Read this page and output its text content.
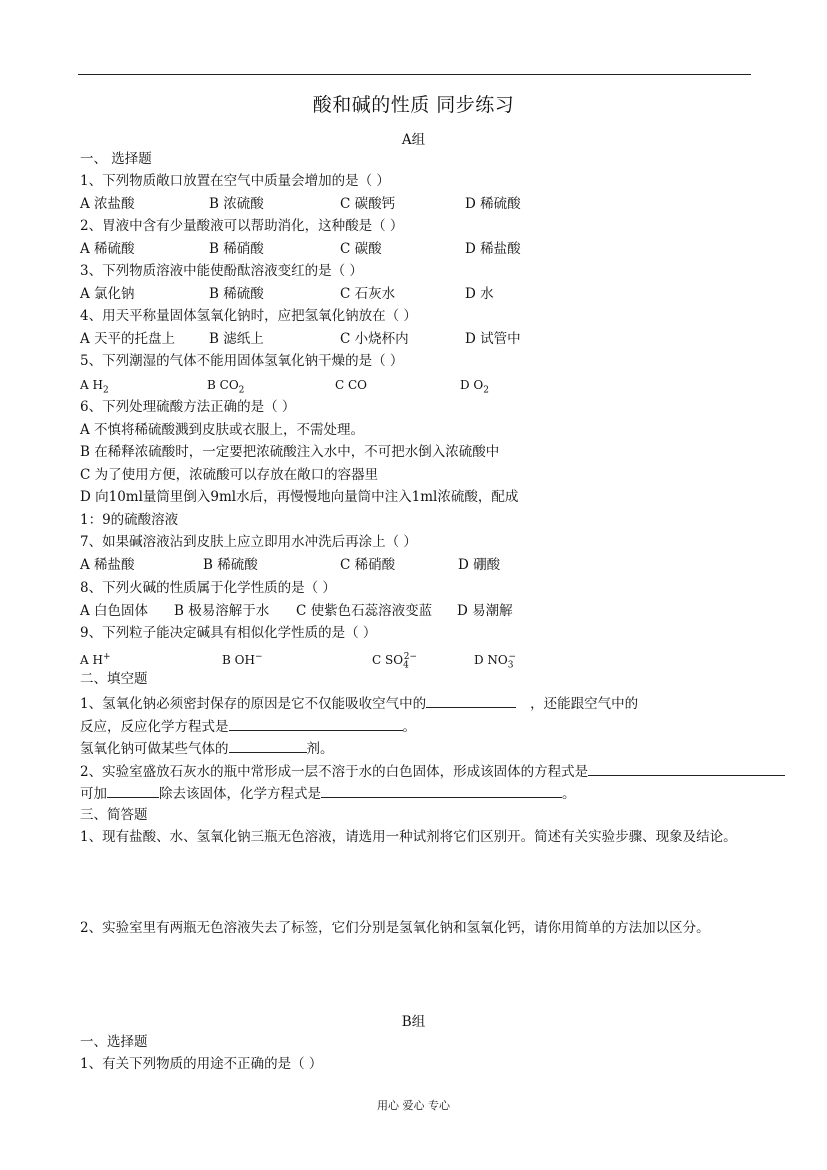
酸和碱的性质 同步练习
A组
一、 选择题
1、下列物质敞口放置在空气中质量会增加的是（ ）
A 浓盐酸	B 浓硫酸	C 碳酸钙	D 稀硫酸
2、胃液中含有少量酸液可以帮助消化，这种酸是（ ）
A 稀硫酸	B 稀硝酸	C 碳酸	D 稀盐酸
3、下列物质溶液中能使酚酞溶液变红的是（ ）
A 氯化钠	B 稀硫酸	C 石灰水	D 水
4、用天平称量固体氢氧化钠时，应把氢氧化钠放在（ ）
A 天平的托盘上	B 滤纸上	C 小烧杯内	D 试管中
5、下列潮湿的气体不能用固体氢氧化钠干燥的是（ ）
A $H_2$	B $CO_2$	C CO	D $O_2$
6、下列处理硫酸方法正确的是（ ）
A 不慎将稀硫酸溅到皮肤或衣服上，不需处理。
B 在稀释浓硫酸时，一定要把浓硫酸注入水中，不可把水倒入浓硫酸中
C 为了使用方便，浓硫酸可以存放在敞口的容器里
D 向10ml量筒里倒入9ml水后，再慢慢地向量筒中注入1ml浓硫酸，配成
1：9的硫酸溶液
7、如果碱溶液沾到皮肤上应立即用水冲洗后再涂上（ ）
A 稀盐酸	B 稀硫酸	C 稀硝酸	D 硼酸
8、下列火碱的性质属于化学性质的是（ ）
A 白色固体 B 极易溶解于水 C 使紫色石蕊溶液变蓝 D 易潮解
9、下列粒子能决定碱具有相似化学性质的是（ ）
A H+	B OH−	C $SO_4^{2-}$	D $NO_3^-$
二、填空题
1、氢氧化钠必须密封保存的原因是它不仅能吸收空气中的	，还能跟空气中的
反应，反应化学方程式是	。
氢氧化钠可做某些气体的	剂。
2、实验室盛放石灰水的瓶中常形成一层不溶于水的白色固体，形成该固体的方程式是
可加	除去该固体，化学方程式是	。
三、简答题
1、现有盐酸、水、氢氧化钠三瓶无色溶液，请选用一种试剂将它们区别开。简述有关实验步骤、现象及结论。
2、实验室里有两瓶无色溶液失去了标签，它们分别是氢氧化钠和氢氧化钙，请你用简单的方法加以区分。
B组
一、选择题
1、有关下列物质的用途不正确的是（ ）
用心 爱心 专心
